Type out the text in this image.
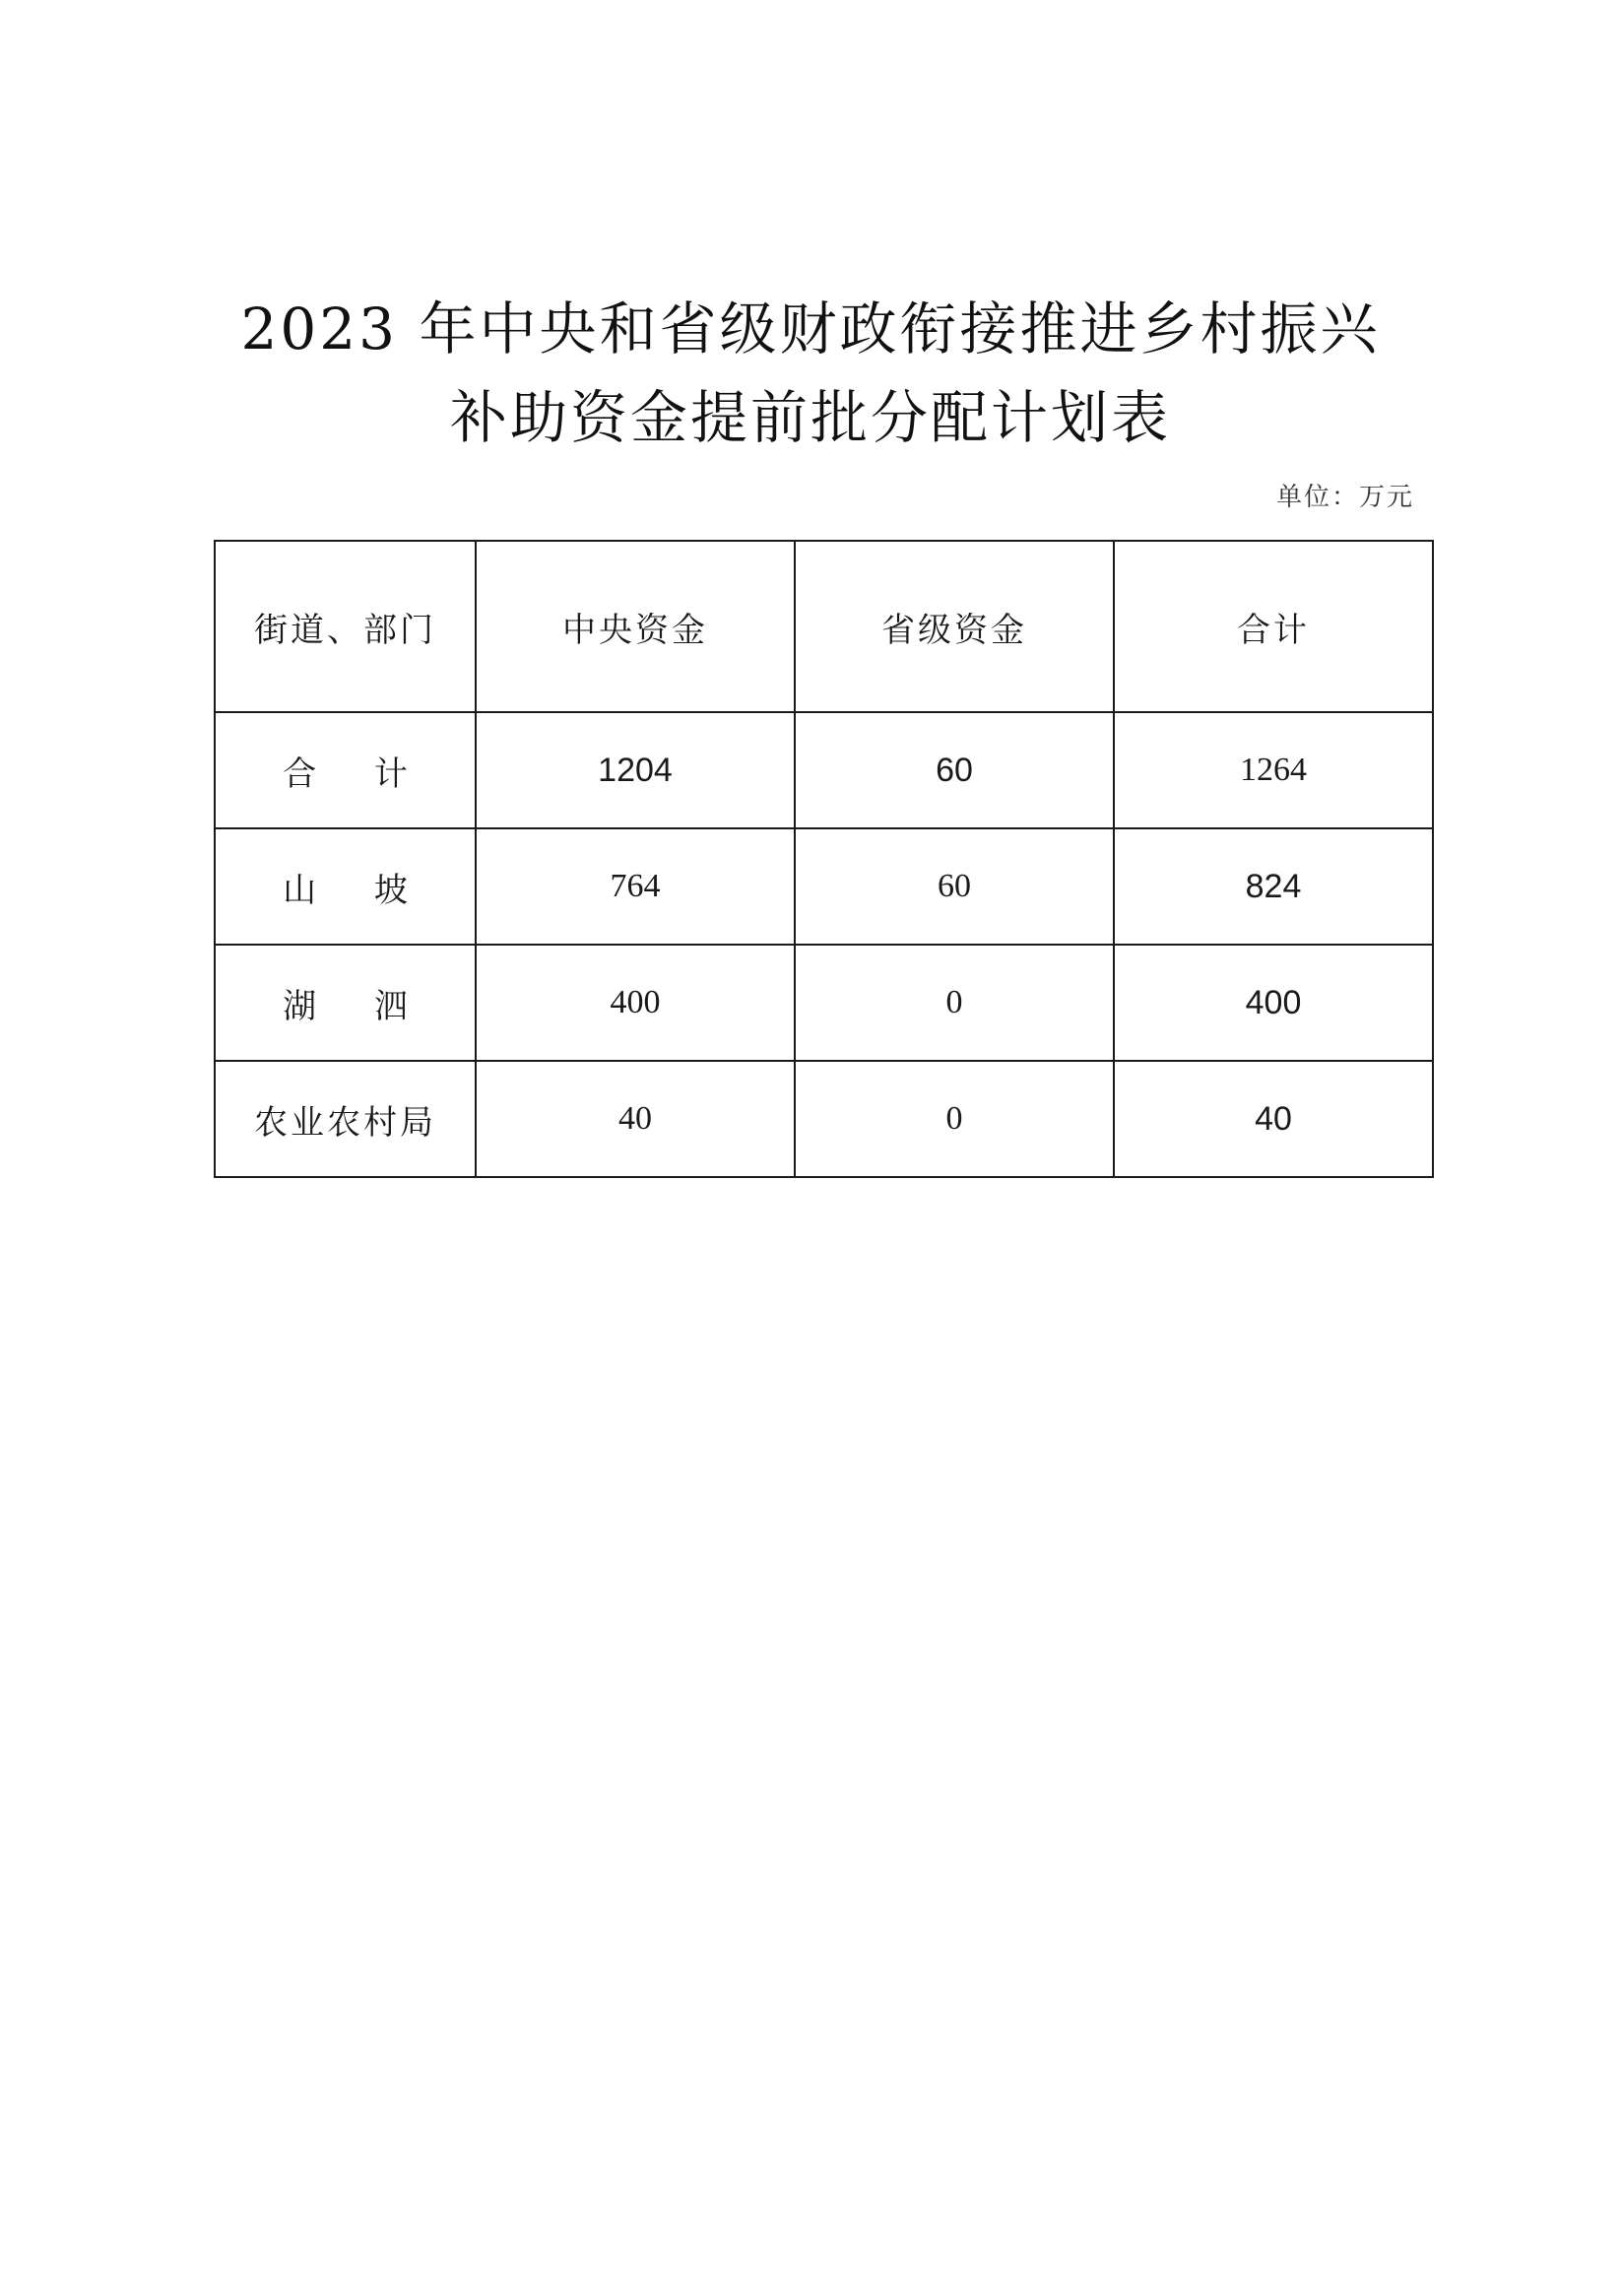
2023 年中央和省级财政衔接推进乡村振兴
补助资金提前批分配计划表
单位：万元
街道、部门	中央资金	省级资金	合计
合 计	1204	60	1264
山 坡	764	60	824
湖 泗	400	0	400
农业农村局	40	0	40
